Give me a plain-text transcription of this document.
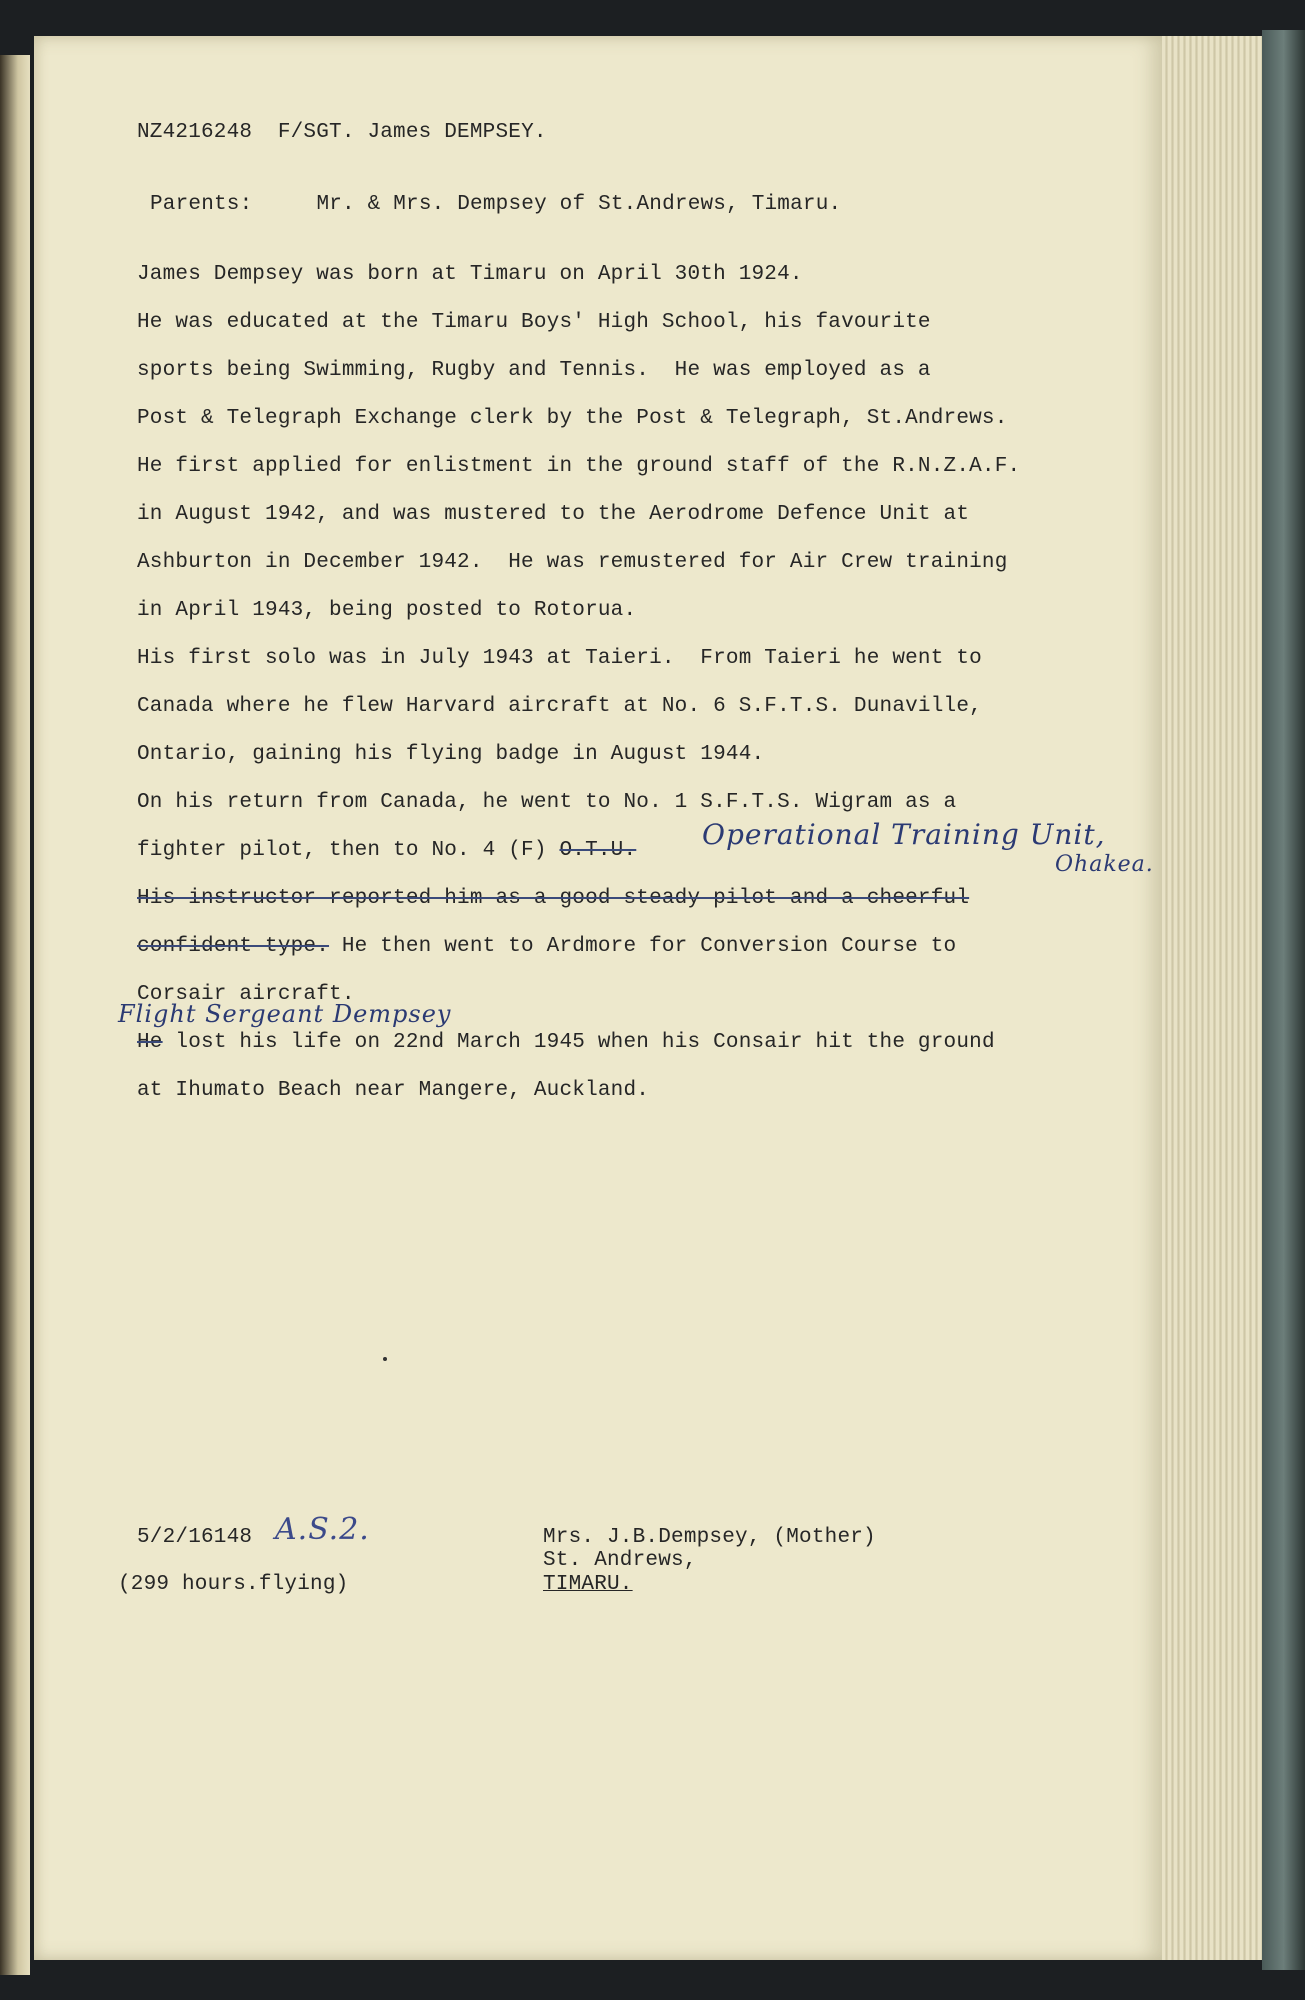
NZ4216248 F/SGT. James DEMPSEY.
Parents:	Mr. & Mrs. Dempsey of St.Andrews, Timaru.
James Dempsey was born at Timaru on April 30th 1924.
He was educated at the Timaru Boys' High School, his favourite
sports being Swimming, Rugby and Tennis.  He was employed as a
Post & Telegraph Exchange clerk by the Post & Telegraph, St.Andrews.
He first applied for enlistment in the ground staff of the R.N.Z.A.F.
in August 1942, and was mustered to the Aerodrome Defence Unit at
Ashburton in December 1942.  He was remustered for Air Crew training
in April 1943, being posted to Rotorua.
His first solo was in July 1943 at Taieri.  From Taieri he went to
Canada where he flew Harvard aircraft at No. 6 S.F.T.S. Dunaville,
Ontario, gaining his flying badge in August 1944.
On his return from Canada, he went to No. 1 S.F.T.S. Wigram as a
fighter pilot, then to No. 4 (F) O.T.U. Operational Training Unit,
Ohakea.
His instructor reported him as a good steady pilot and a cheerful
confident type. He then went to Ardmore for Conversion Course to
Corsair aircraft.
Flight Sergeant Dempsey
He lost his life on 22nd March 1945 when his Consair hit the ground
at Ihumato Beach near Mangere, Auckland.
5/2/16148 A.S.2.
(299 hours.flying)
Mrs. J.B.Dempsey, (Mother)
St. Andrews,
TIMARU.
